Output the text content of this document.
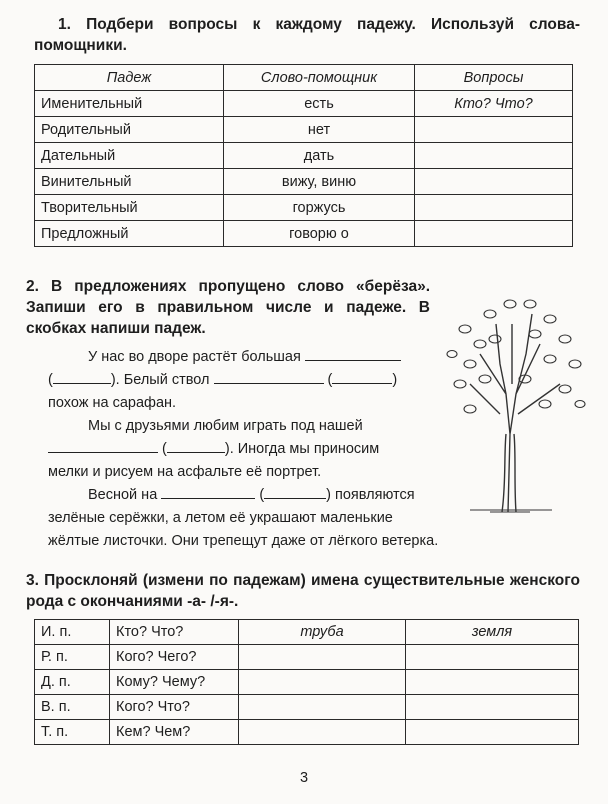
1. Подбери вопросы к каждому падежу. Используй слова-помощники.

Падеж	Слово-помощник	Вопросы
Именительный	есть	Кто? Что?
Родительный	нет	
Дательный	дать	
Винительный	вижу, виню	
Творительный	горжусь	
Предложный	говорю о	

2. В предложениях пропущено слово «берёза». Запиши его в правильном числе и падеже. В скобках напиши падеж.

У нас во дворе растёт большая
(	). Белый ствол	(	)
похож на сарафан.
Мы с друзьями любим играть под нашей
(	). Иногда мы приносим
мелки и рисуем на асфальте её портрет.
Весной на	(	) появляются
зелёные серёжки, а летом её украшают маленькие
жёлтые листочки. Они трепещут даже от лёгкого ветерка.

3. Просклоняй (измени по падежам) имена существительные женского рода с окончаниями -а- /-я-.

И. п.	Кто? Что?	труба	земля
Р. п.	Кого? Чего?		
Д. п.	Кому? Чему?		
В. п.	Кого? Что?		
Т. п.	Кем? Чем?		
3
